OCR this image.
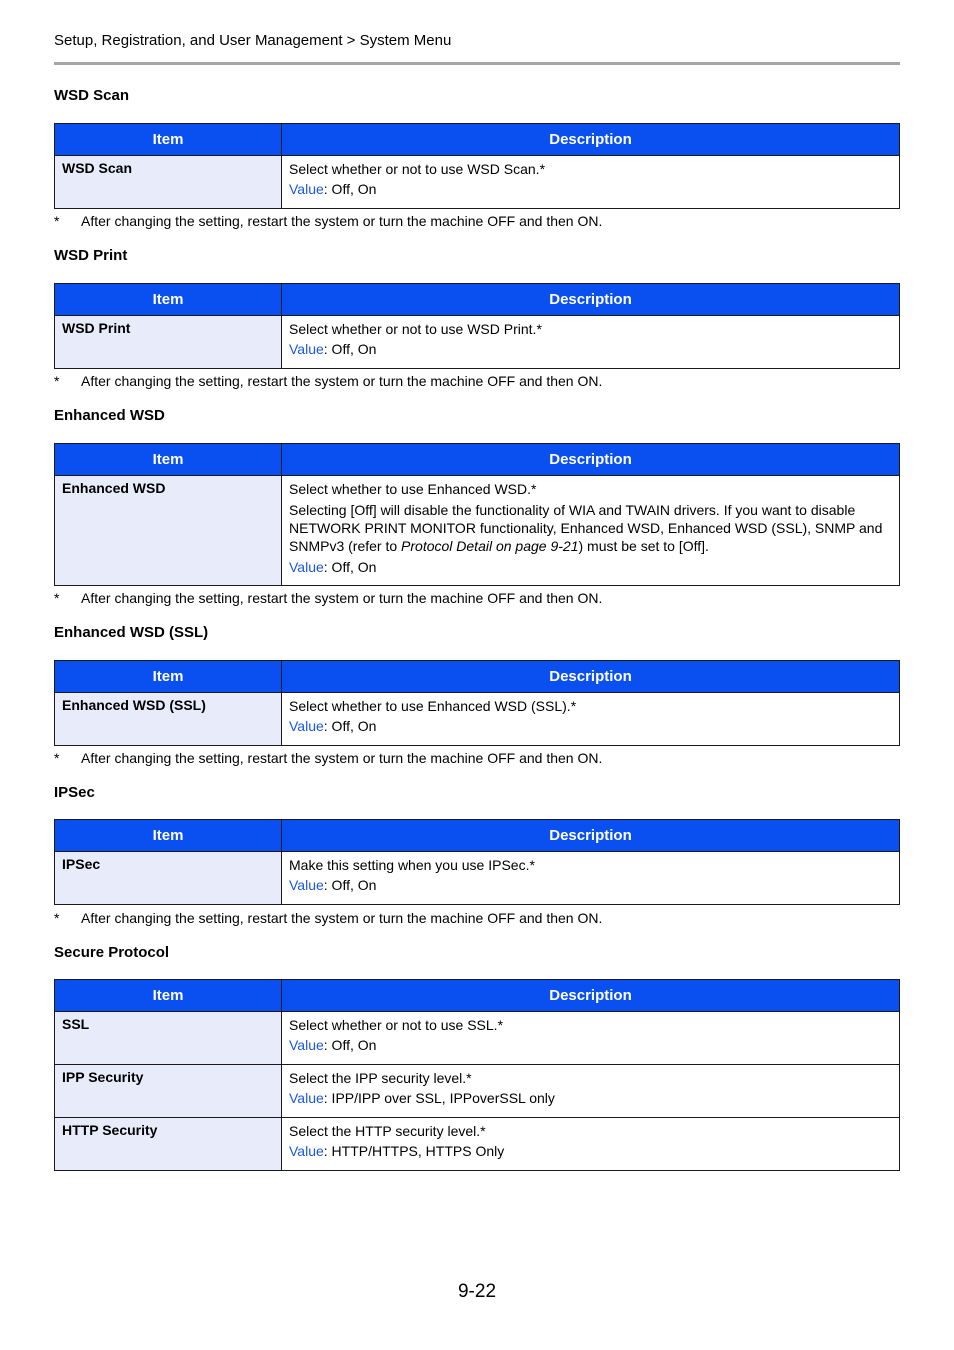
Setup, Registration, and User Management > System Menu
WSD Scan
Item	Description
WSD Scan	Select whether or not to use WSD Scan.*
Value: Off, On
*	After changing the setting, restart the system or turn the machine OFF and then ON.
WSD Print
Item	Description
WSD Print	Select whether or not to use WSD Print.*
Value: Off, On
*	After changing the setting, restart the system or turn the machine OFF and then ON.
Enhanced WSD
Item	Description
Enhanced WSD	Select whether to use Enhanced WSD.*
Selecting [Off] will disable the functionality of WIA and TWAIN drivers. If you want to disable NETWORK PRINT MONITOR functionality, Enhanced WSD, Enhanced WSD (SSL), SNMP and SNMPv3 (refer to Protocol Detail on page 9-21) must be set to [Off].
Value: Off, On
*	After changing the setting, restart the system or turn the machine OFF and then ON.
Enhanced WSD (SSL)
Item	Description
Enhanced WSD (SSL)	Select whether to use Enhanced WSD (SSL).*
Value: Off, On
*	After changing the setting, restart the system or turn the machine OFF and then ON.
IPSec
Item	Description
IPSec	Make this setting when you use IPSec.*
Value: Off, On
*	After changing the setting, restart the system or turn the machine OFF and then ON.
Secure Protocol
Item	Description
SSL	Select whether or not to use SSL.*
Value: Off, On

IPP Security	Select the IPP security level.*
Value: IPP/IPP over SSL, IPPoverSSL only

HTTP Security	Select the HTTP security level.*
Value: HTTP/HTTPS, HTTPS Only
9-22
